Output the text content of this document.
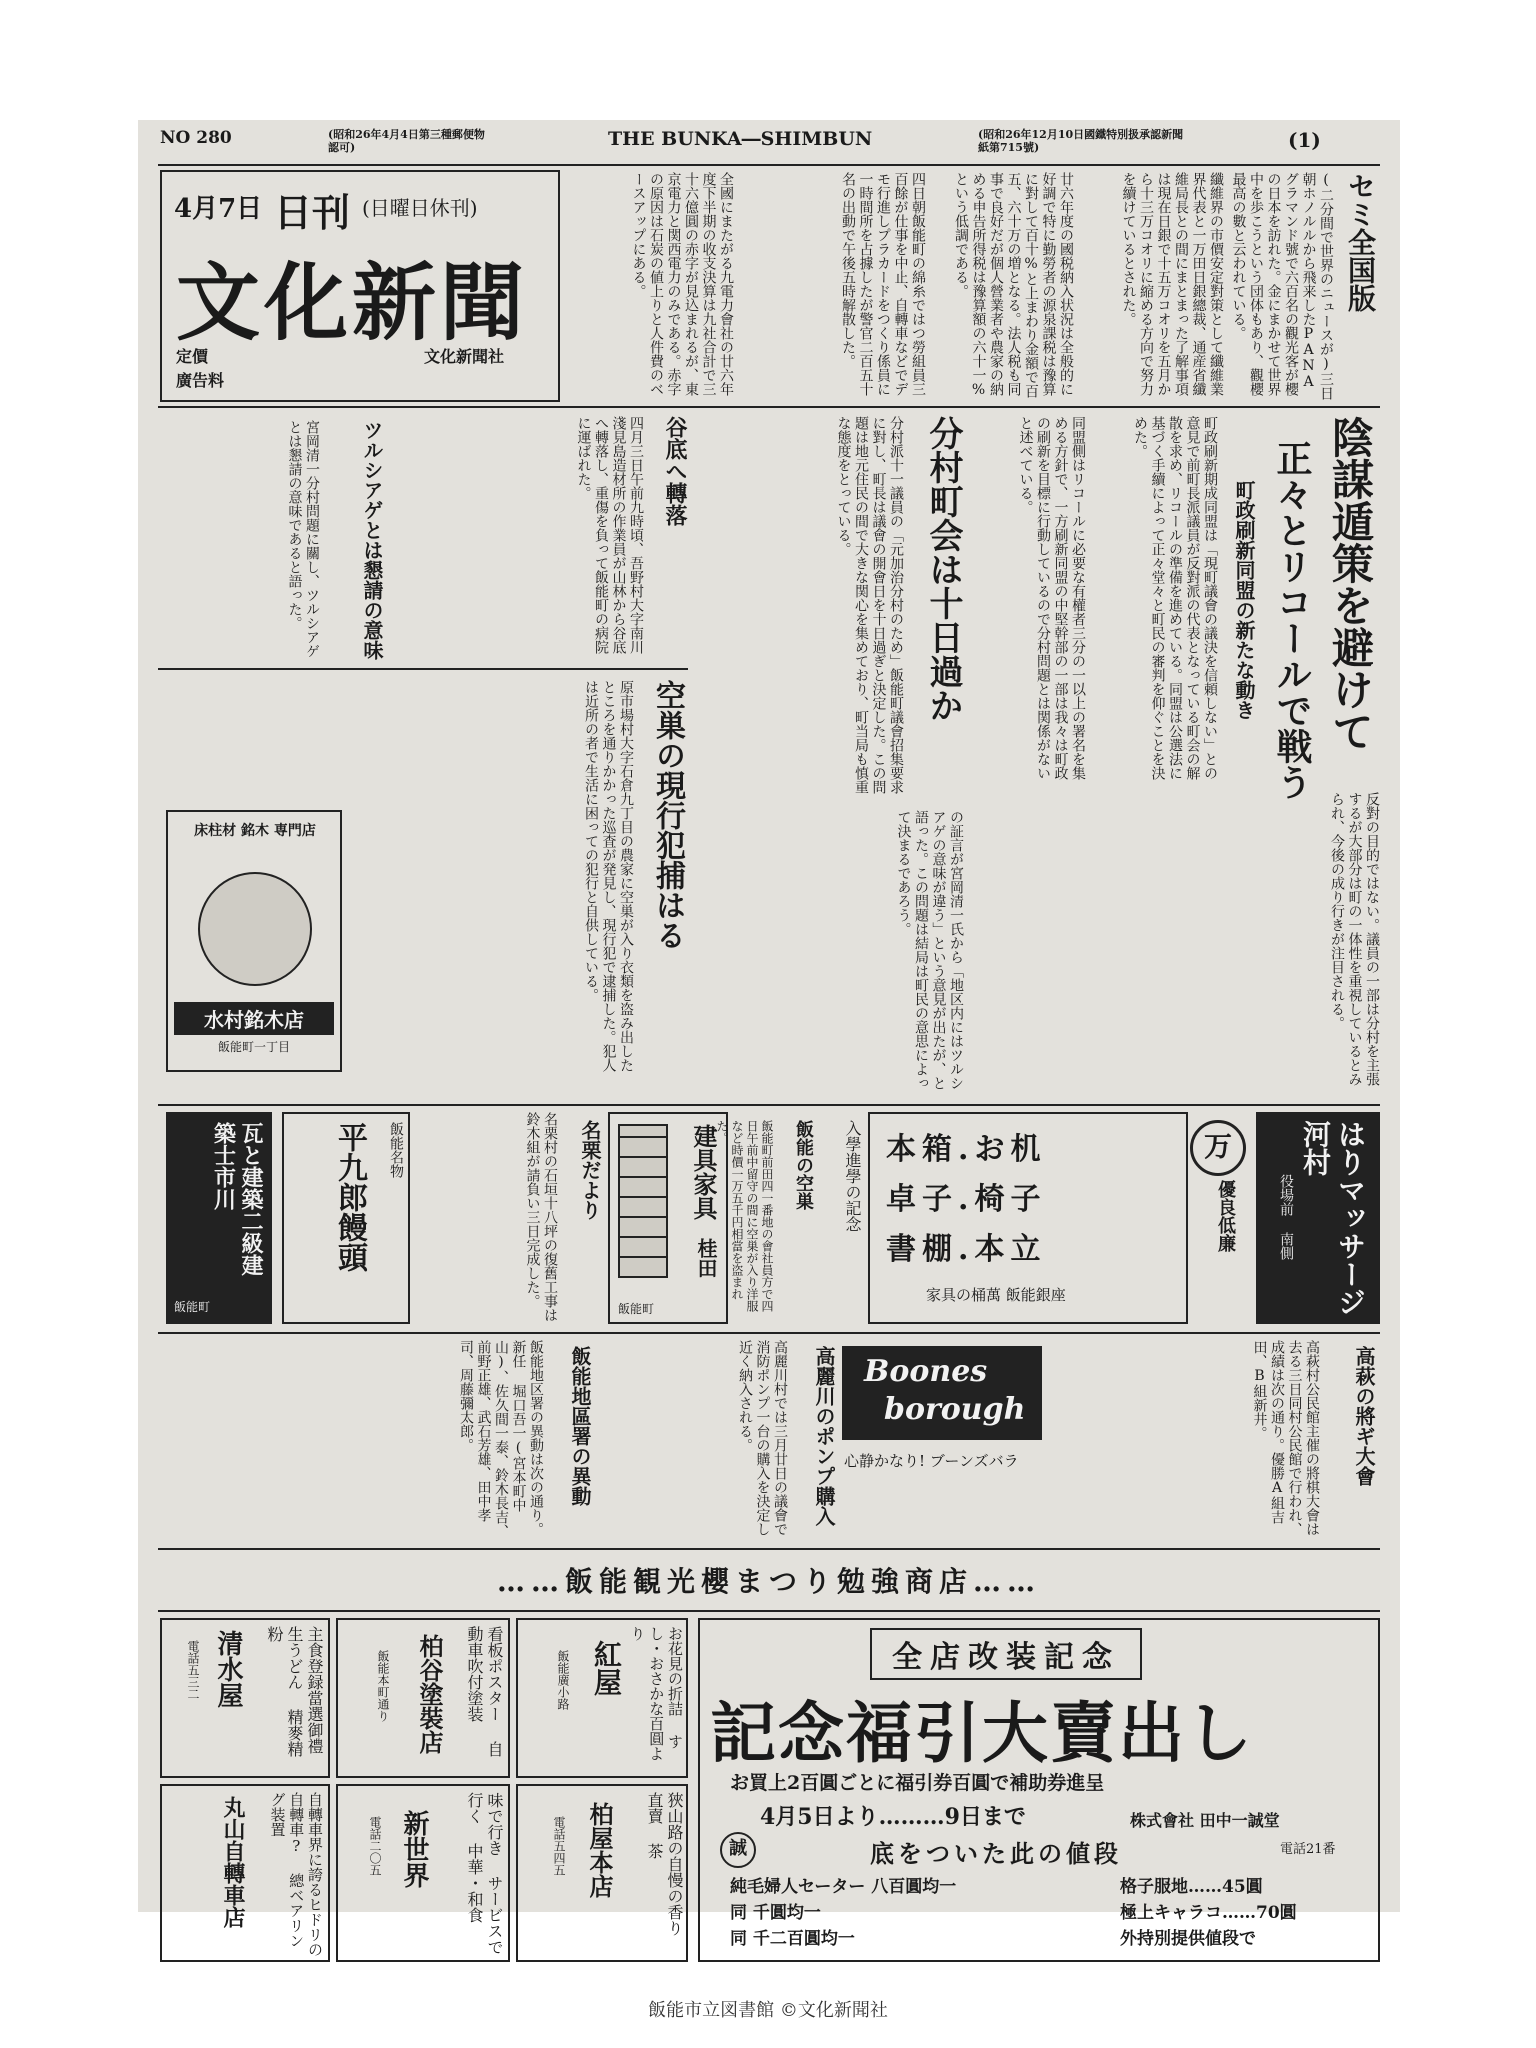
NO 280	(昭和26年4月4日第三種郵便物認可)	THE BUNKA―SHIMBUN	(昭和26年12月10日國鐵特別扱承認新聞紙第715號)	(1)
4月7日 日刊 (日曜日休刊)
文化新聞
定價
廣告料
文化新聞社
セミ全国版
(二分間で世界のニュースが)三日朝ホノルルから飛来したPANAグラマンド號で六百名の觀光客が櫻の日本を訪れた。金にまかせて世界中を歩こうという団体もあり、觀櫻最高の數と云われている。
纖維界の市價安定對策として纖維業界代表と一万田日銀總裁、通産省纖維局長との間にまとまった了解事項は現在日銀で十五万コオリを五月から十三万コオリに縮める方向で努力を續けているとされた。
廿六年度の國税納入状況は全般的に好調で特に勤勞者の源泉課税は豫算に對して百十%と上まわり金額で百五、六十万の増となる。法人税も同事で良好だが個人營業者や農家の納める申告所得税は豫算額の六十一%という低調である。
四日朝飯能町の綿糸ではつ勞組員三百餘が仕事を中止、自轉車などでデモ行進しプラカードをつくり係員に一時間所を占據したが警官二百五十名の出動で午後五時解散した。
全國にまたがる九電力會社の廿六年度下半期の收支決算は九社合計で三十六億圓の赤字が見込まれるが、東京電力と関西電力のみである。赤字の原因は石炭の値上りと人件費のベースアップにある。
陰謀遁策を避けて
正々とリコールで戦う
町政刷新同盟の新たな動き
町政刷新期成同盟は「現町議會の議決を信頼しない」との意見で前町長派議員が反對派の代表となっている町会の解散を求め、リコールの準備を進めている。同盟は公選法に基づく手續によって正々堂々と町民の審判を仰ぐことを決めた。
同盟側はリコールに必要な有權者三分の一以上の署名を集める方針で、一方刷新同盟の中堅幹部の一部は我々は町政の刷新を目標に行動しているので分村問題とは関係がないと述べている。
分村町会は十日過か
分村派十一議員の「元加治分村のため」飯能町議會招集要求に對し、町長は議會の開會日を十日過ぎと決定した。この問題は地元住民の間で大きな関心を集めており、町当局も慎重な態度をとっている。
反對の目的ではない。議員の一部は分村を主張するが大部分は町の一体性を重視しているとみられ、今後の成り行きが注目される。
谷底へ轉落
四月三日午前九時頃、吾野村大字南川淺見島造材所の作業員が山林から谷底へ轉落し、重傷を負って飯能町の病院に運ばれた。
ツルシアゲとは懇請の意味
宮岡清一分村問題に關し、ツルシアゲとは懇請の意味であると語った。
空巣の現行犯捕はる
原市場村大字石倉九丁目の農家に空巣が入り衣類を盗み出したところを通りかかった巡査が発見し、現行犯で逮捕した。犯人は近所の者で生活に困っての犯行と自供している。	の証言が宮岡清一氏から「地区内にはツルシアゲの意味が違う」という意見が出たが、と語った。この問題は結局は町民の意思によって決まるであろう。
床柱材 銘木 専門店
水村銘木店
飯能町一丁目
瓦と建築二級建築士市川
飯能町
飯能名物
平九郎饅頭	名栗村の石垣十八坪の復舊工事は鈴木組が請負い三日完成した。	名栗だより	建具家具
桂田
飯能町
飯能の空巣
飯能町前田四一番地の會社員方で四日午前中留守の間に空巣が入り洋服など時價一万五千円相當を盗まれた。	入學進學の記念 本箱.お机
卓子.椅子
書棚.本立
家具の桶萬 飯能銀座
万
優良低廉	はりマッサージ河村
役場前 南側
飯能地区署の異動は次の通り。新任 堀口吾一(宮本町中山)、佐久間一泰、鈴木長吉、前野正雄、武石芳雄、田中孝司、周藤彌太郎。	飯能地區署の異動	高麗川村では三月廿日の議會で消防ポンプ一台の購入を決定し近く納入される。	高麗川のポンプ購入 Boones
borough
心静かなり! ブーンズバラ	高萩村公民館主催の將棋大會は去る三日同村公民館で行われ、成績は次の通り。優勝A組吉田、B組新井。	高萩の將ギ大會
……飯能観光櫻まつり勉強商店……
主食登録當選御禮 生うどん 精麥精粉
清水屋
電話五三二	看板ポスター 自動車吹付塗装
柏谷塗裝店
飯能本町通り	お花見の折詰 すし・おさかな百圓より
紅屋
飯能廣小路
自轉車界に誇るヒドリの自轉車? 總ベアリング装置
丸山自轉車店	味で行き サービスで行く 中華・和食
新世界
電話二〇五	狹山路の自慢の香り 直賣 茶
柏屋本店
電話五四五
全店改装記念
記念福引大賣出し
お買上2百圓ごとに福引券百圓で補助券進呈
4月5日より………9日まで
底をついた此の値段
純毛婦人セーター 八百圓均一	格子服地……45圓
同 千圓均一	極上キャラコ……70圓
同 千二百圓均一	外持別提供値段で
誠
株式會社 田中一誠堂
電話21番
飯能市立図書館 ©文化新聞社
